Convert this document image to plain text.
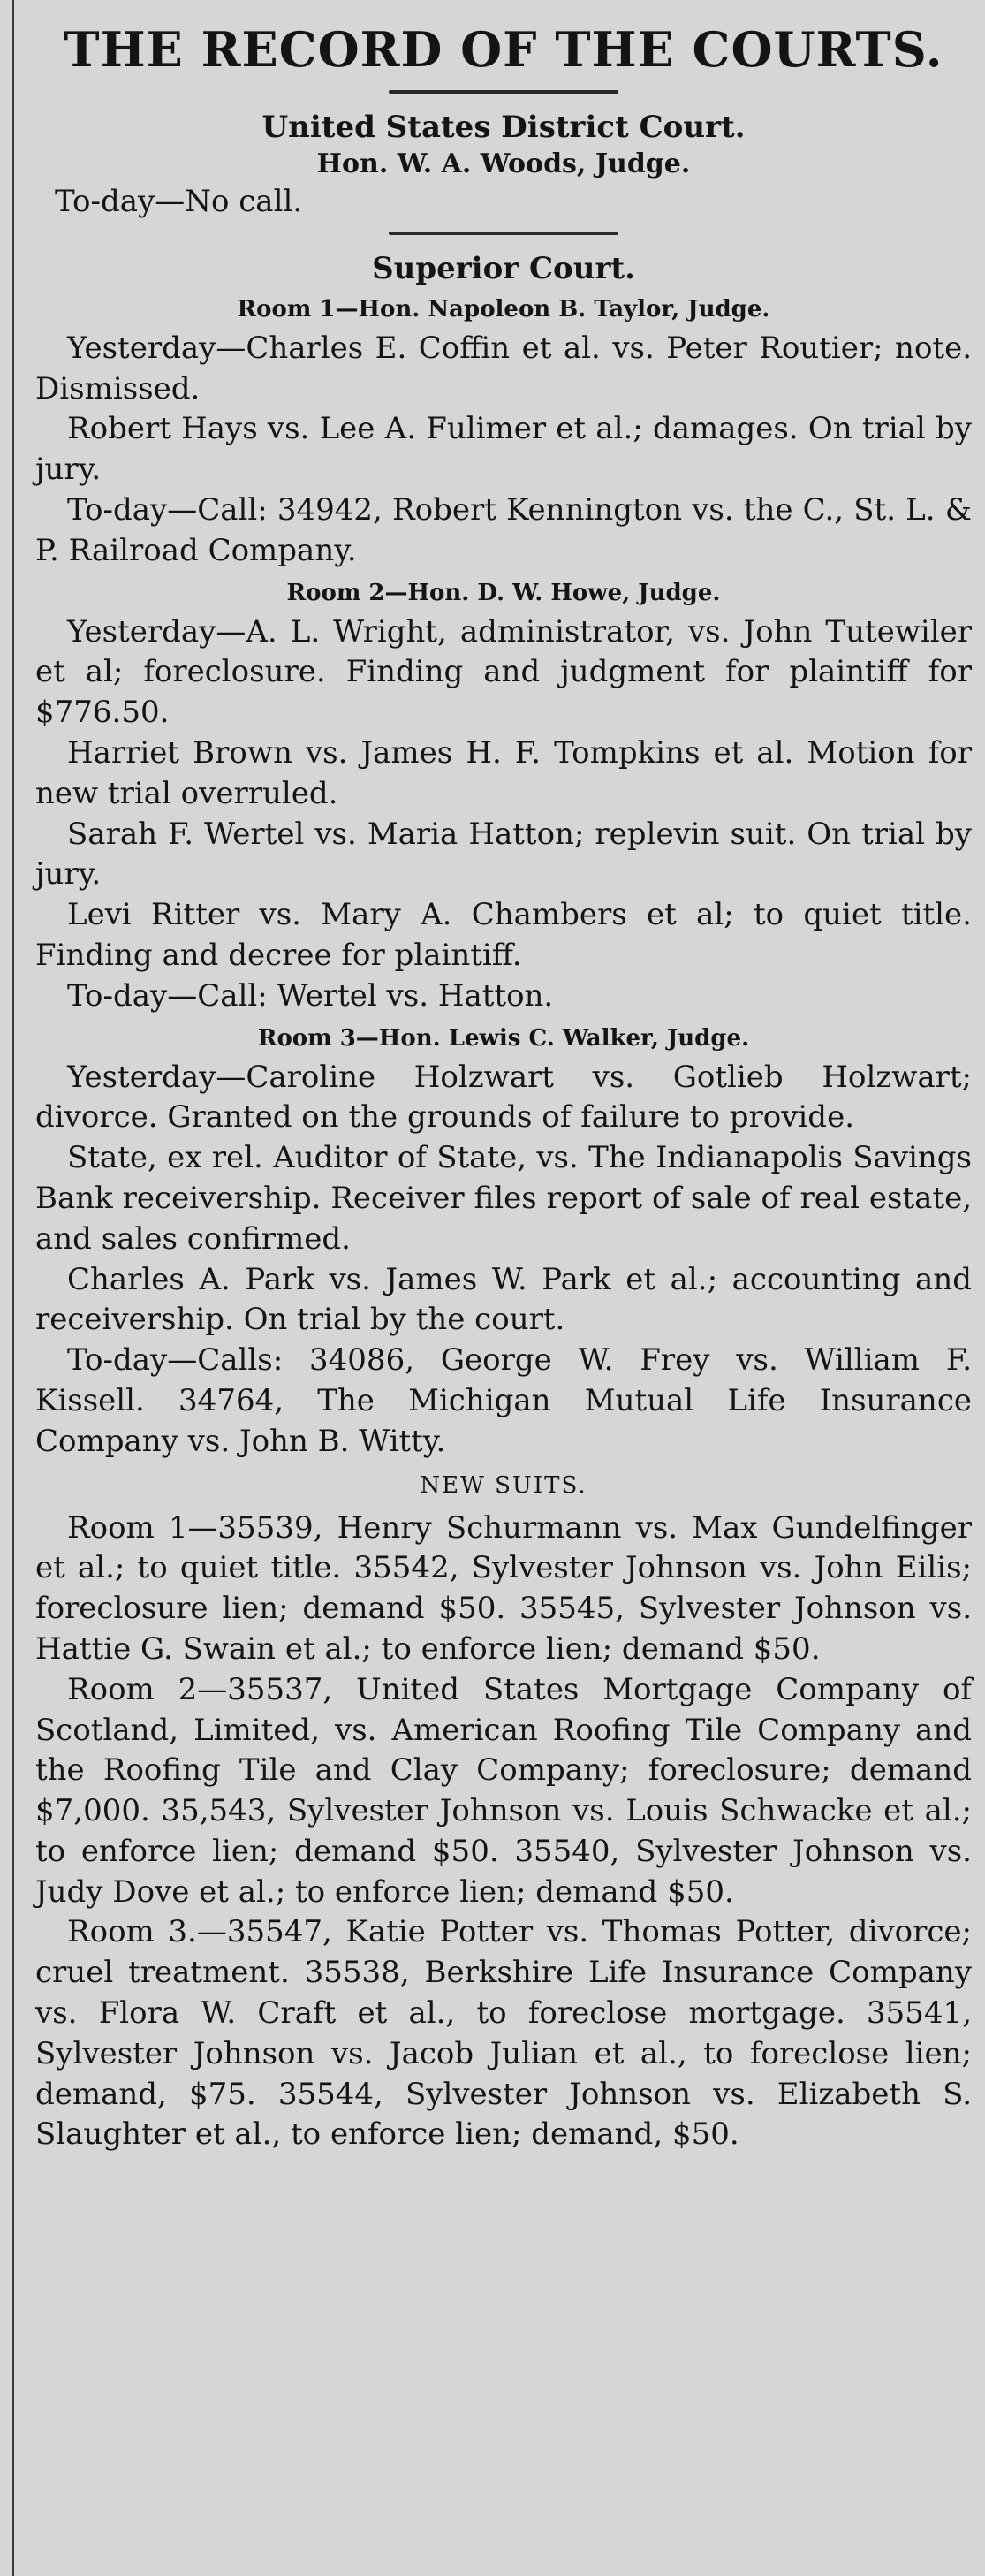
THE RECORD OF THE COURTS.

United States District Court.

Hon. W. A. Woods, Judge.

To-day—No call.

Superior Court.

Room 1—Hon. Napoleon B. Taylor, Judge.

Yesterday—Charles E. Coffin et al. vs. Peter Routier; note. Dismissed.

Robert Hays vs. Lee A. Fulimer et al.; damages. On trial by jury.

To-day—Call: 34942, Robert Kennington vs. the C., St. L. & P. Railroad Company.

Room 2—Hon. D. W. Howe, Judge.

Yesterday—A. L. Wright, administrator, vs. John Tutewiler et al; foreclosure. Finding and judgment for plaintiff for $776.50.

Harriet Brown vs. James H. F. Tompkins et al. Motion for new trial overruled.

Sarah F. Wertel vs. Maria Hatton; replevin suit. On trial by jury.

Levi Ritter vs. Mary A. Chambers et al; to quiet title. Finding and decree for plaintiff.

To-day—Call: Wertel vs. Hatton.

Room 3—Hon. Lewis C. Walker, Judge.

Yesterday—Caroline Holzwart vs. Gotlieb Holzwart; divorce. Granted on the grounds of failure to provide.

State, ex rel. Auditor of State, vs. The Indianapolis Savings Bank receivership. Receiver files report of sale of real estate, and sales confirmed.

Charles A. Park vs. James W. Park et al.; accounting and receivership. On trial by the court.

To-day—Calls: 34086, George W. Frey vs. William F. Kissell. 34764, The Michigan Mutual Life Insurance Company vs. John B. Witty.

NEW SUITS.

Room 1—35539, Henry Schurmann vs. Max Gundelfinger et al.; to quiet title. 35542, Sylvester Johnson vs. John Eilis; foreclosure lien; demand $50. 35545, Sylvester Johnson vs. Hattie G. Swain et al.; to enforce lien; demand $50.

Room 2—35537, United States Mortgage Company of Scotland, Limited, vs. American Roofing Tile Company and the Roofing Tile and Clay Company; foreclosure; demand $7,000. 35,543, Sylvester Johnson vs. Louis Schwacke et al.; to enforce lien; demand $50. 35540, Sylvester Johnson vs. Judy Dove et al.; to enforce lien; demand $50.

Room 3.—35547, Katie Potter vs. Thomas Potter, divorce; cruel treatment. 35538, Berkshire Life Insurance Company vs. Flora W. Craft et al., to foreclose mortgage. 35541, Sylvester Johnson vs. Jacob Julian et al., to foreclose lien; demand, $75. 35544, Sylvester Johnson vs. Elizabeth S. Slaughter et al., to enforce lien; demand, $50.
